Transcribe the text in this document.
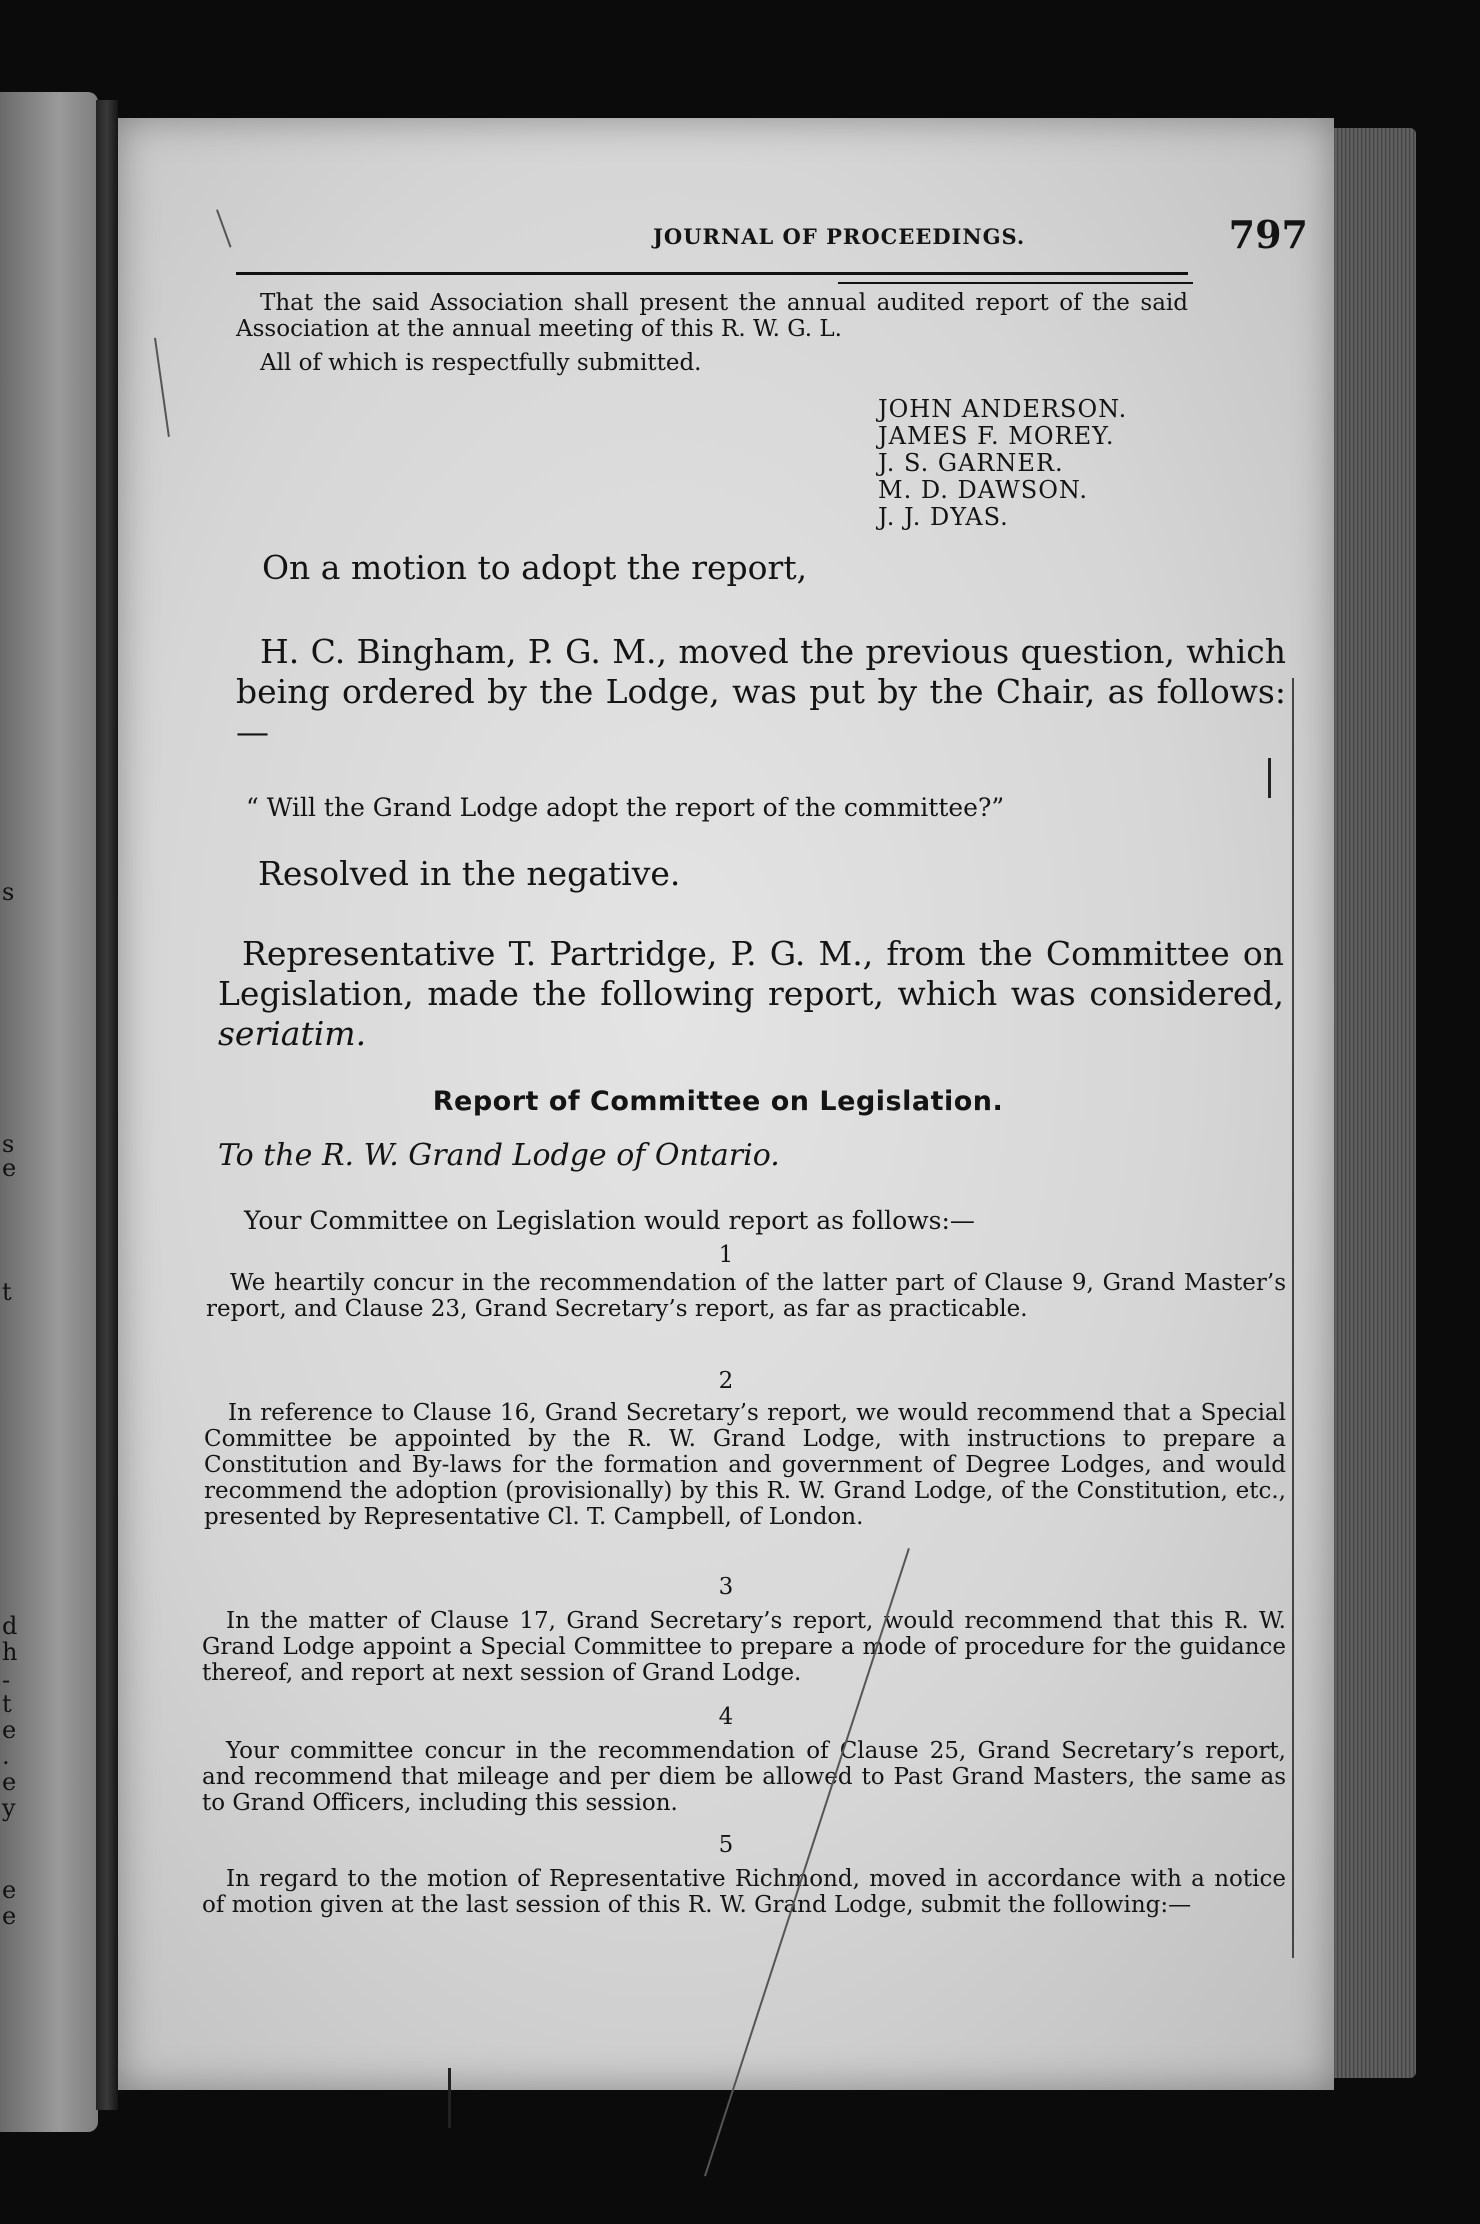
s
s
e
t
d
h
-
t
e
.
e
y
e
e
JOURNAL OF PROCEEDINGS.	797

That the said Association shall present the annual audited report of the said Association at the annual meeting of this R. W. G. L.

All of which is respectfully submitted.

JOHN ANDERSON.
JAMES F. MOREY.
J. S. GARNER.
M. D. DAWSON.
J. J. DYAS.

On a motion to adopt the report,

H. C. Bingham, P. G. M., moved the previous question, which being ordered by the Lodge, was put by the Chair, as follows:—

“ Will the Grand Lodge adopt the report of the committee?”

Resolved in the negative.

Representative T. Partridge, P. G. M., from the Committee on Legislation, made the following report, which was considered, seriatim.

Report of Committee on Legislation.
To the R. W. Grand Lodge of Ontario.

Your Committee on Legislation would report as follows:—

1

We heartily concur in the recommendation of the latter part of Clause 9, Grand Master’s report, and Clause 23, Grand Secretary’s report, as far as practicable.

2

In reference to Clause 16, Grand Secretary’s report, we would recommend that a Special Committee be appointed by the R. W. Grand Lodge, with instructions to prepare a Constitution and By-laws for the formation and government of Degree Lodges, and would recommend the adoption (provisionally) by this R. W. Grand Lodge, of the Constitution, etc., presented by Representative Cl. T. Campbell, of London.

3

In the matter of Clause 17, Grand Secretary’s report, would recommend that this R. W. Grand Lodge appoint a Special Committee to prepare a mode of procedure for the guidance thereof, and report at next session of Grand Lodge.

4

Your committee concur in the recommendation of Clause 25, Grand Secretary’s report, and recommend that mileage and per diem be allowed to Past Grand Masters, the same as to Grand Officers, including this session.

5

In regard to the motion of Representative Richmond, moved in accordance with a notice of motion given at the last session of this R. W. Grand Lodge, submit the following:—
